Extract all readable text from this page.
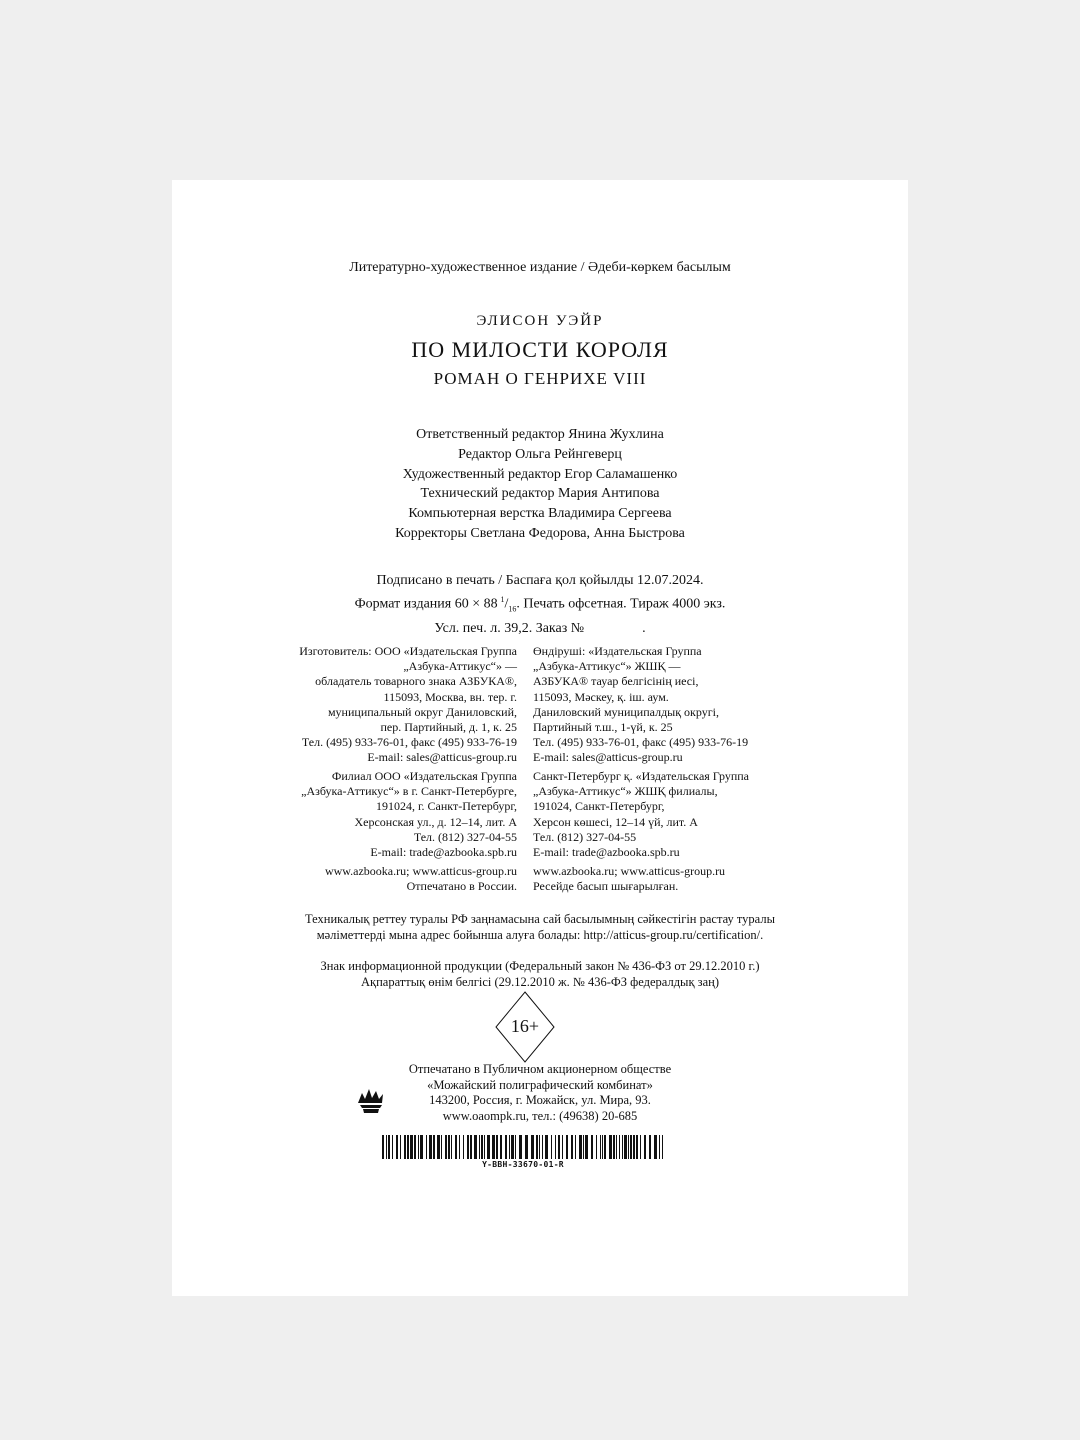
Литературно-художественное издание / Әдеби-көркем басылым
ЭЛИСОН УЭЙР
ПО МИЛОСТИ КОРОЛЯ
РОМАН О ГЕНРИХЕ VIII
Ответственный редактор Янина Жухлина
Редактор Ольга Рейнгеверц
Художественный редактор Егор Саламашенко
Технический редактор Мария Антипова
Компьютерная верстка Владимира Сергеева
Корректоры Светлана Федорова, Анна Быстрова
Подписано в печать / Баспаға қол қойылды 12.07.2024.
Формат издания 60 × 88  $^1/_{16}$. Печать офсетная. Тираж 4000 экз.
Усл. печ. л. 39,2. Заказ №	.
Изготовитель: ООО «Издательская Группа
„Азбука-Аттикус“» —
обладатель товарного знака АЗБУКА®,
115093, Москва, вн. тер. г.
муниципальный округ Даниловский,
пер. Партийный, д. 1, к. 25
Тел. (495) 933-76-01, факс (495) 933-76-19
E-mail: sales@atticus-group.ru
Өндіруші: «Издательская Группа
„Азбука-Аттикус“» ЖШҚ —
АЗБУКА® тауар белгісінің иесі,
115093, Мәскеу, қ. іш. аум.
Даниловский муниципалдық округі,
Партийный т.ш., 1-үй, к. 25
Тел. (495) 933-76-01, факс (495) 933-76-19
E-mail: sales@atticus-group.ru
Филиал ООО «Издательская Группа
„Азбука-Аттикус“» в г. Санкт-Петербурге,
191024, г. Санкт-Петербург,
Херсонская ул., д. 12–14, лит. А
Тел. (812) 327-04-55
E-mail: trade@azbooka.spb.ru
Санкт-Петербург қ. «Издательская Группа
„Азбука-Аттикус“» ЖШҚ филиалы,
191024, Санкт-Петербург,
Херсон көшесі, 12–14 үй, лит. А
Тел. (812) 327-04-55
E-mail: trade@azbooka.spb.ru
www.azbooka.ru; www.atticus-group.ru
Отпечатано в России.
www.azbooka.ru; www.atticus-group.ru
Ресейде басып шығарылған.
Техникалық реттеу туралы РФ заңнамасына сай басылымның сәйкестігін растау туралы
мәліметтерді мына адрес бойынша алуға болады: http://atticus-group.ru/certification/.
Знак информационной продукции (Федеральный закон № 436-ФЗ от 29.12.2010 г.)
Ақпараттық өнім белгісі (29.12.2010 ж. № 436-ФЗ федералдық заң)
16+
Отпечатано в Публичном акционерном обществе
«Можайский полиграфический комбинат»
143200, Россия, г. Можайск, ул. Мира, 93.
www.oaompk.ru, тел.: (49638) 20-685
Y-BBH-33670-01-R
